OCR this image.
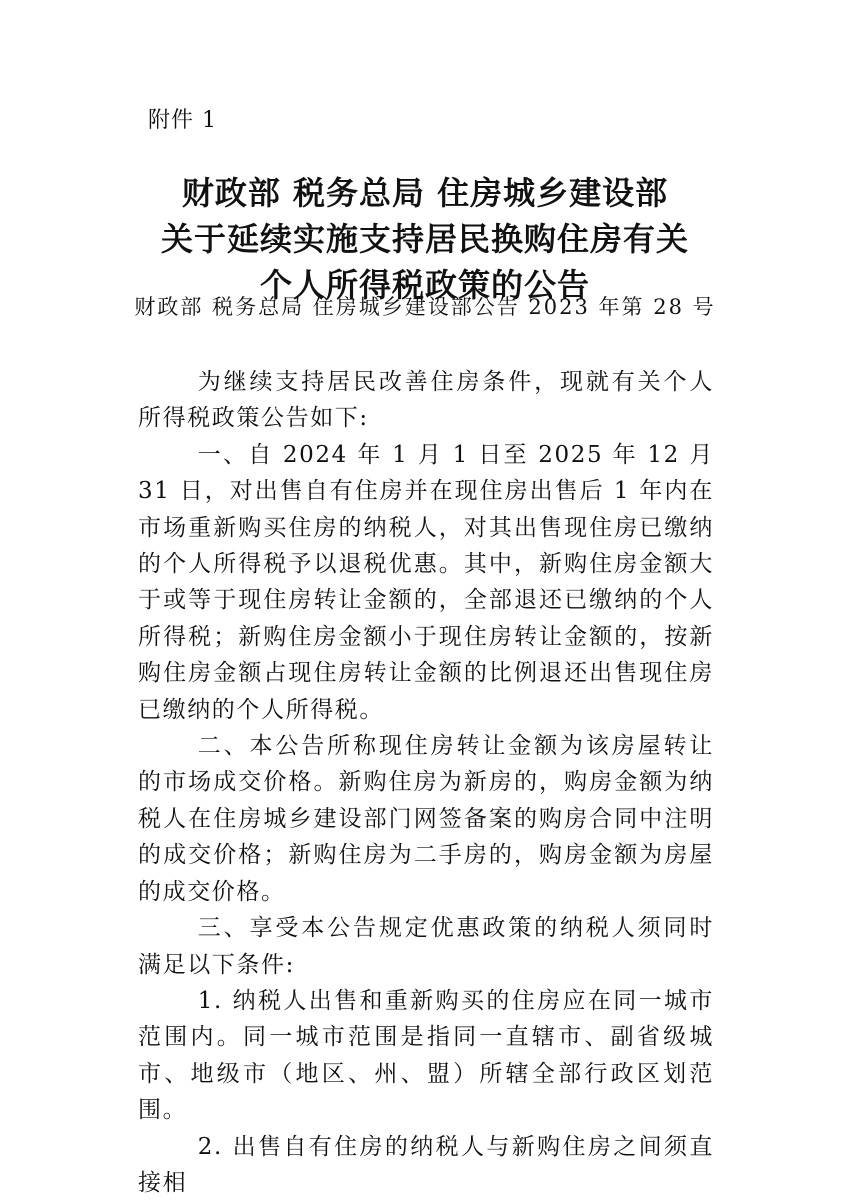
附件 1
财政部 税务总局 住房城乡建设部
关于延续实施支持居民换购住房有关
个人所得税政策的公告
财政部 税务总局 住房城乡建设部公告 2023 年第 28 号

为继续支持居民改善住房条件，现就有关个人所得税政策公告如下:

一、自 2024 年 1 月 1 日至 2025 年 12 月 31 日，对出售自有住房并在现住房出售后 1 年内在市场重新购买住房的纳税人，对其出售现住房已缴纳的个人所得税予以退税优惠。其中，新购住房金额大于或等于现住房转让金额的，全部退还已缴纳的个人所得税；新购住房金额小于现住房转让金额的，按新购住房金额占现住房转让金额的比例退还出售现住房已缴纳的个人所得税。

二、本公告所称现住房转让金额为该房屋转让的市场成交价格。新购住房为新房的，购房金额为纳税人在住房城乡建设部门网签备案的购房合同中注明的成交价格；新购住房为二手房的，购房金额为房屋的成交价格。

三、享受本公告规定优惠政策的纳税人须同时满足以下条件:

1. 纳税人出售和重新购买的住房应在同一城市范围内。同一城市范围是指同一直辖市、副省级城市、地级市（地区、州、盟）所辖全部行政区划范围。

2. 出售自有住房的纳税人与新购住房之间须直接相
